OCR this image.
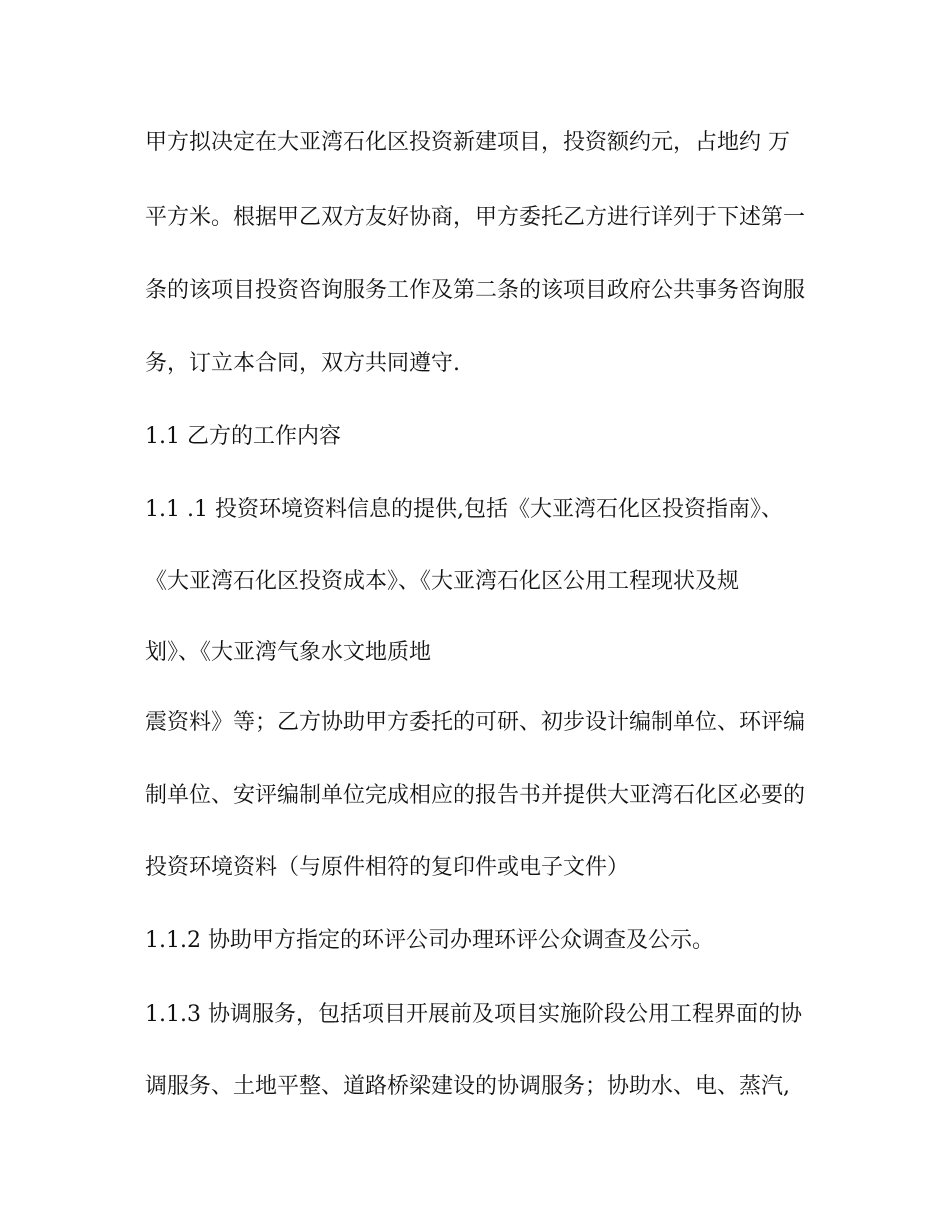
甲方拟决定在大亚湾石化区投资新建项目，投资额约元，占地约 万
平方米。根据甲乙双方友好协商，甲方委托乙方进行详列于下述第一
条的该项目投资咨询服务工作及第二条的该项目政府公共事务咨询服
务，订立本合同，双方共同遵守.
1.1 乙方的工作内容
1.1 .1 投资环境资料信息的提供,包括《大亚湾石化区投资指南》、
《大亚湾石化区投资成本》、《大亚湾石化区公用工程现状及规
划》、《大亚湾气象水文地质地
震资料》等；乙方协助甲方委托的可研、初步设计编制单位、环评编
制单位、安评编制单位完成相应的报告书并提供大亚湾石化区必要的
投资环境资料（与原件相符的复印件或电子文件）
1.1.2 协助甲方指定的环评公司办理环评公众调查及公示。
1.1.3 协调服务，包括项目开展前及项目实施阶段公用工程界面的协
调服务、土地平整、道路桥梁建设的协调服务；协助水、电、蒸汽,
